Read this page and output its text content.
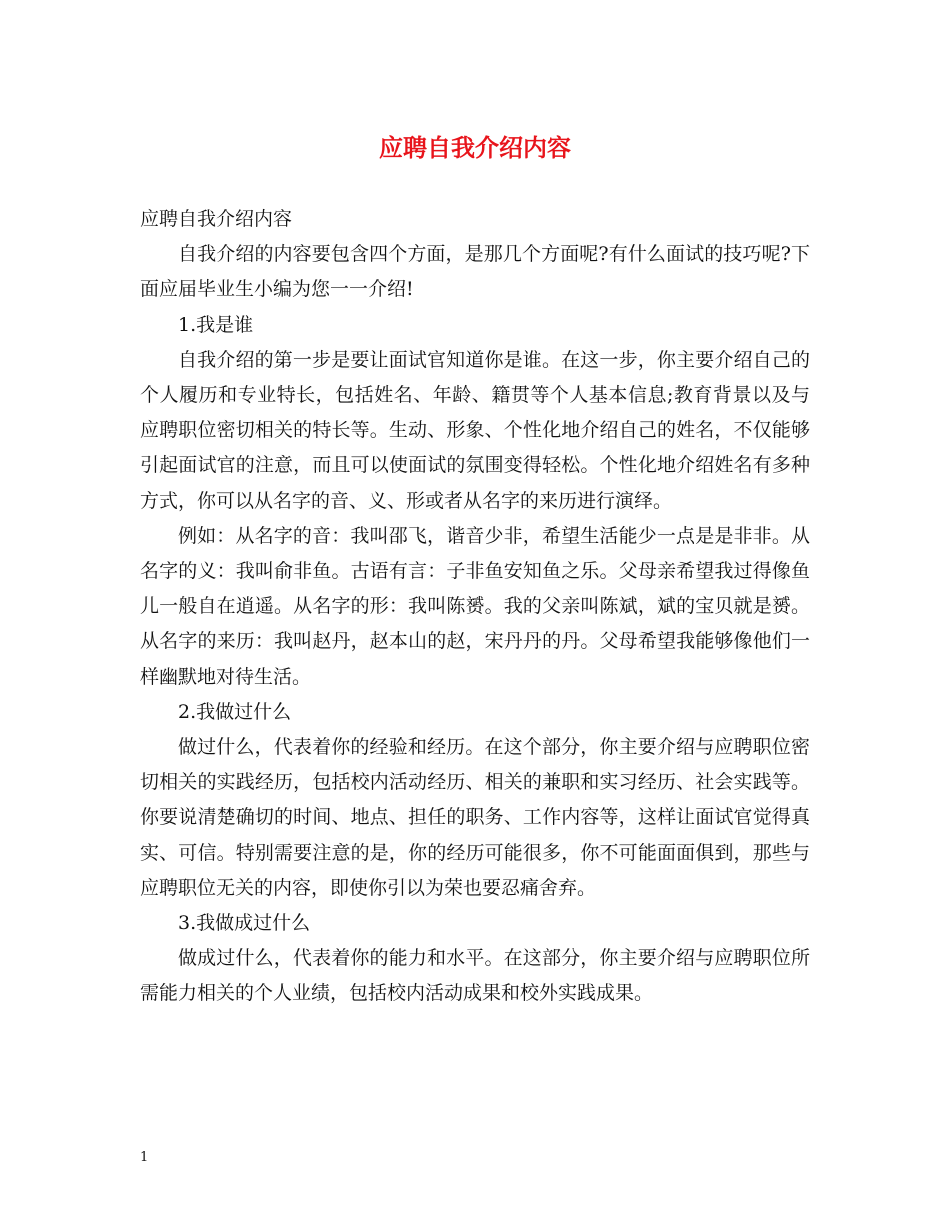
应聘自我介绍内容

应聘自我介绍内容

自我介绍的内容要包含四个方面，是那几个方面呢?有什么面试的技巧呢?下面应届毕业生小编为您一一介绍!

1.我是谁

自我介绍的第一步是要让面试官知道你是谁。在这一步，你主要介绍自己的个人履历和专业特长，包括姓名、年龄、籍贯等个人基本信息;教育背景以及与应聘职位密切相关的特长等。生动、形象、个性化地介绍自己的姓名，不仅能够引起面试官的注意，而且可以使面试的氛围变得轻松。个性化地介绍姓名有多种方式，你可以从名字的音、义、形或者从名字的来历进行演绎。

例如：从名字的音：我叫邵飞，谐音少非，希望生活能少一点是是非非。从名字的义：我叫俞非鱼。古语有言：子非鱼安知鱼之乐。父母亲希望我过得像鱼儿一般自在逍遥。从名字的形：我叫陈赟。我的父亲叫陈斌，斌的宝贝就是赟。从名字的来历：我叫赵丹，赵本山的赵，宋丹丹的丹。父母希望我能够像他们一样幽默地对待生活。

2.我做过什么

做过什么，代表着你的经验和经历。在这个部分，你主要介绍与应聘职位密切相关的实践经历，包括校内活动经历、相关的兼职和实习经历、社会实践等。你要说清楚确切的时间、地点、担任的职务、工作内容等，这样让面试官觉得真实、可信。特别需要注意的是，你的经历可能很多，你不可能面面俱到，那些与应聘职位无关的内容，即使你引以为荣也要忍痛舍弃。

3.我做成过什么

做成过什么，代表着你的能力和水平。在这部分，你主要介绍与应聘职位所需能力相关的个人业绩，包括校内活动成果和校外实践成果。

1
